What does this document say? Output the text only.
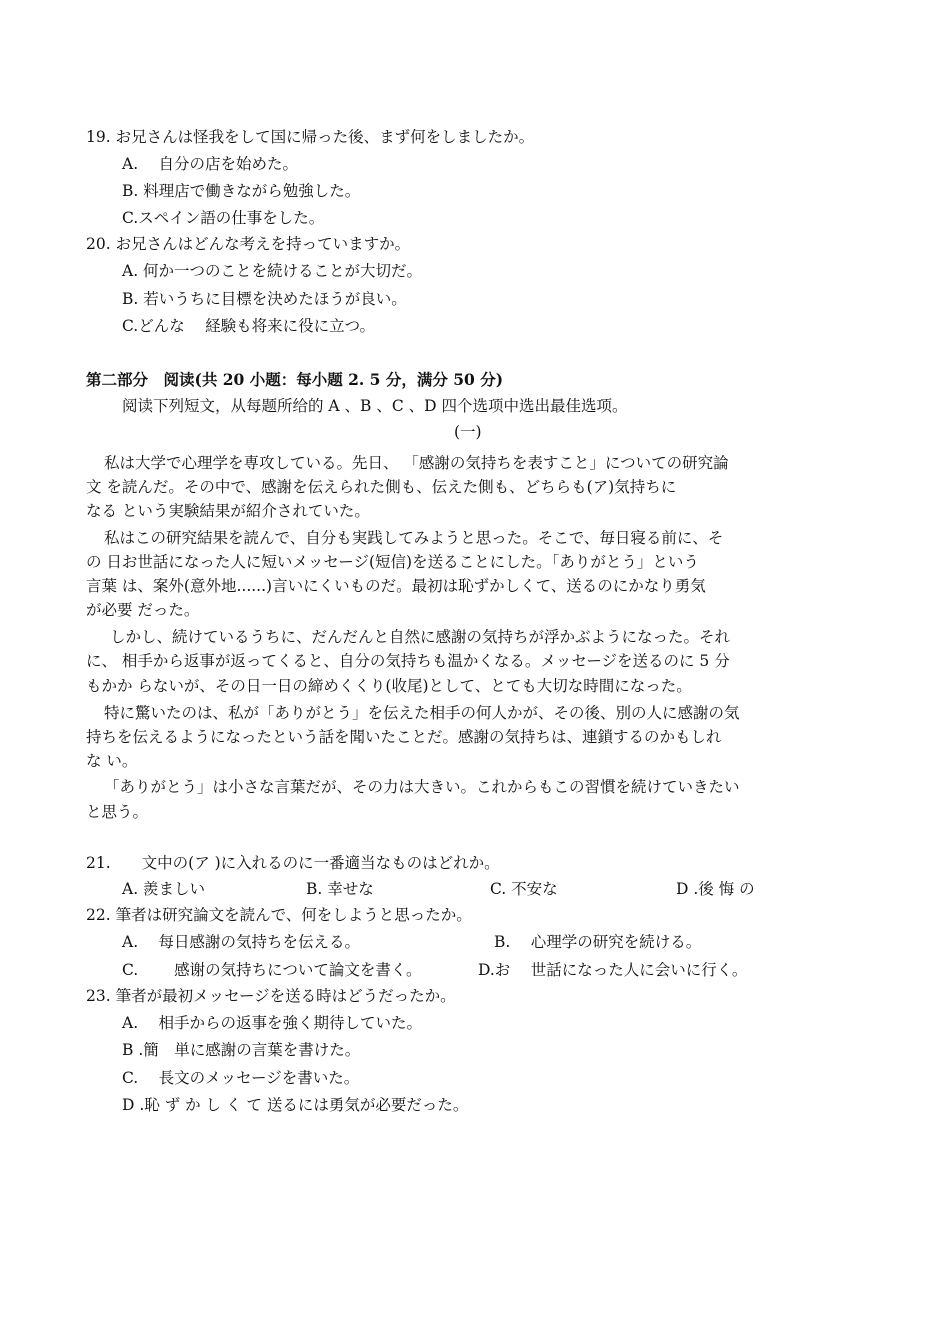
19. お兄さんは怪我をして国に帰った後、まず何をしましたか。
A.　 自分の店を始めた。
B. 料理店で働きながら勉強した。
C.スペイン語の仕事をした。
20. お兄さんはどんな考えを持っていますか。
A. 何か一つのことを続けることが大切だ。
B. 若いうちに目標を決めたほうが良い。
C.どんな　 経験も将来に役に立つ。
第二部分　阅读(共 20 小题：每小题 2. 5 分，满分 50 分)
阅读下列短文，从每题所给的 A 、B 、C 、D 四个选项中选出最佳选项。
(一)
私は大学で心理学を専攻している。先日、 「感謝の気持ちを表すこと」についての研究論
文 を読んだ。その中で、感謝を伝えられた側も、伝えた側も、どちらも(ア)気持ちに
なる という実験結果が紹介されていた。
私はこの研究結果を読んで、自分も実践してみようと思った。そこで、毎日寝る前に、そ
の 日お世話になった人に短いメッセージ(短信)を送ることにした。「ありがとう」という
言葉 は、案外(意外地......)言いにくいものだ。最初は恥ずかしくて、送るのにかなり勇気
が必要 だった。
しかし、続けているうちに、だんだんと自然に感謝の気持ちが浮かぶようになった。それ
に、 相手から返事が返ってくると、自分の気持ちも温かくなる。メッセージを送るのに 5 分
もかか らないが、その日一日の締めくくり(收尾)として、とても大切な時間になった。
特に驚いたのは、私が「ありがとう」を伝えた相手の何人かが、その後、別の人に感謝の気
持ちを伝えるようになったという話を聞いたことだ。感謝の気持ちは、連鎖するのかもしれ
な い。
「ありがとう」は小さな言葉だが、その力は大きい。これからもこの習慣を続けていきたい
と思う。
21.　　文中の(ア )に入れるのに一番適当なものはどれか。
A. 羨ましい	B. 幸せな	C. 不安な	D .後 悔 の
22. 筆者は研究論文を読んで、何をしようと思ったか。
A.　 每日感謝の気持ちを伝える。	B.　 心理学の研究を続ける。
C.　　 感谢の気持ちについて論文を書く。	D.お　 世話になった人に会いに行く。
23. 筆者が最初メッセージを送る時はどうだったか。
A.　 相手からの返事を強く期待していた。
B .簡　単に感謝の言葉を書けた。
C.　 長文のメッセージを書いた。
D .恥 ず か し く て 送るには勇気が必要だった。
